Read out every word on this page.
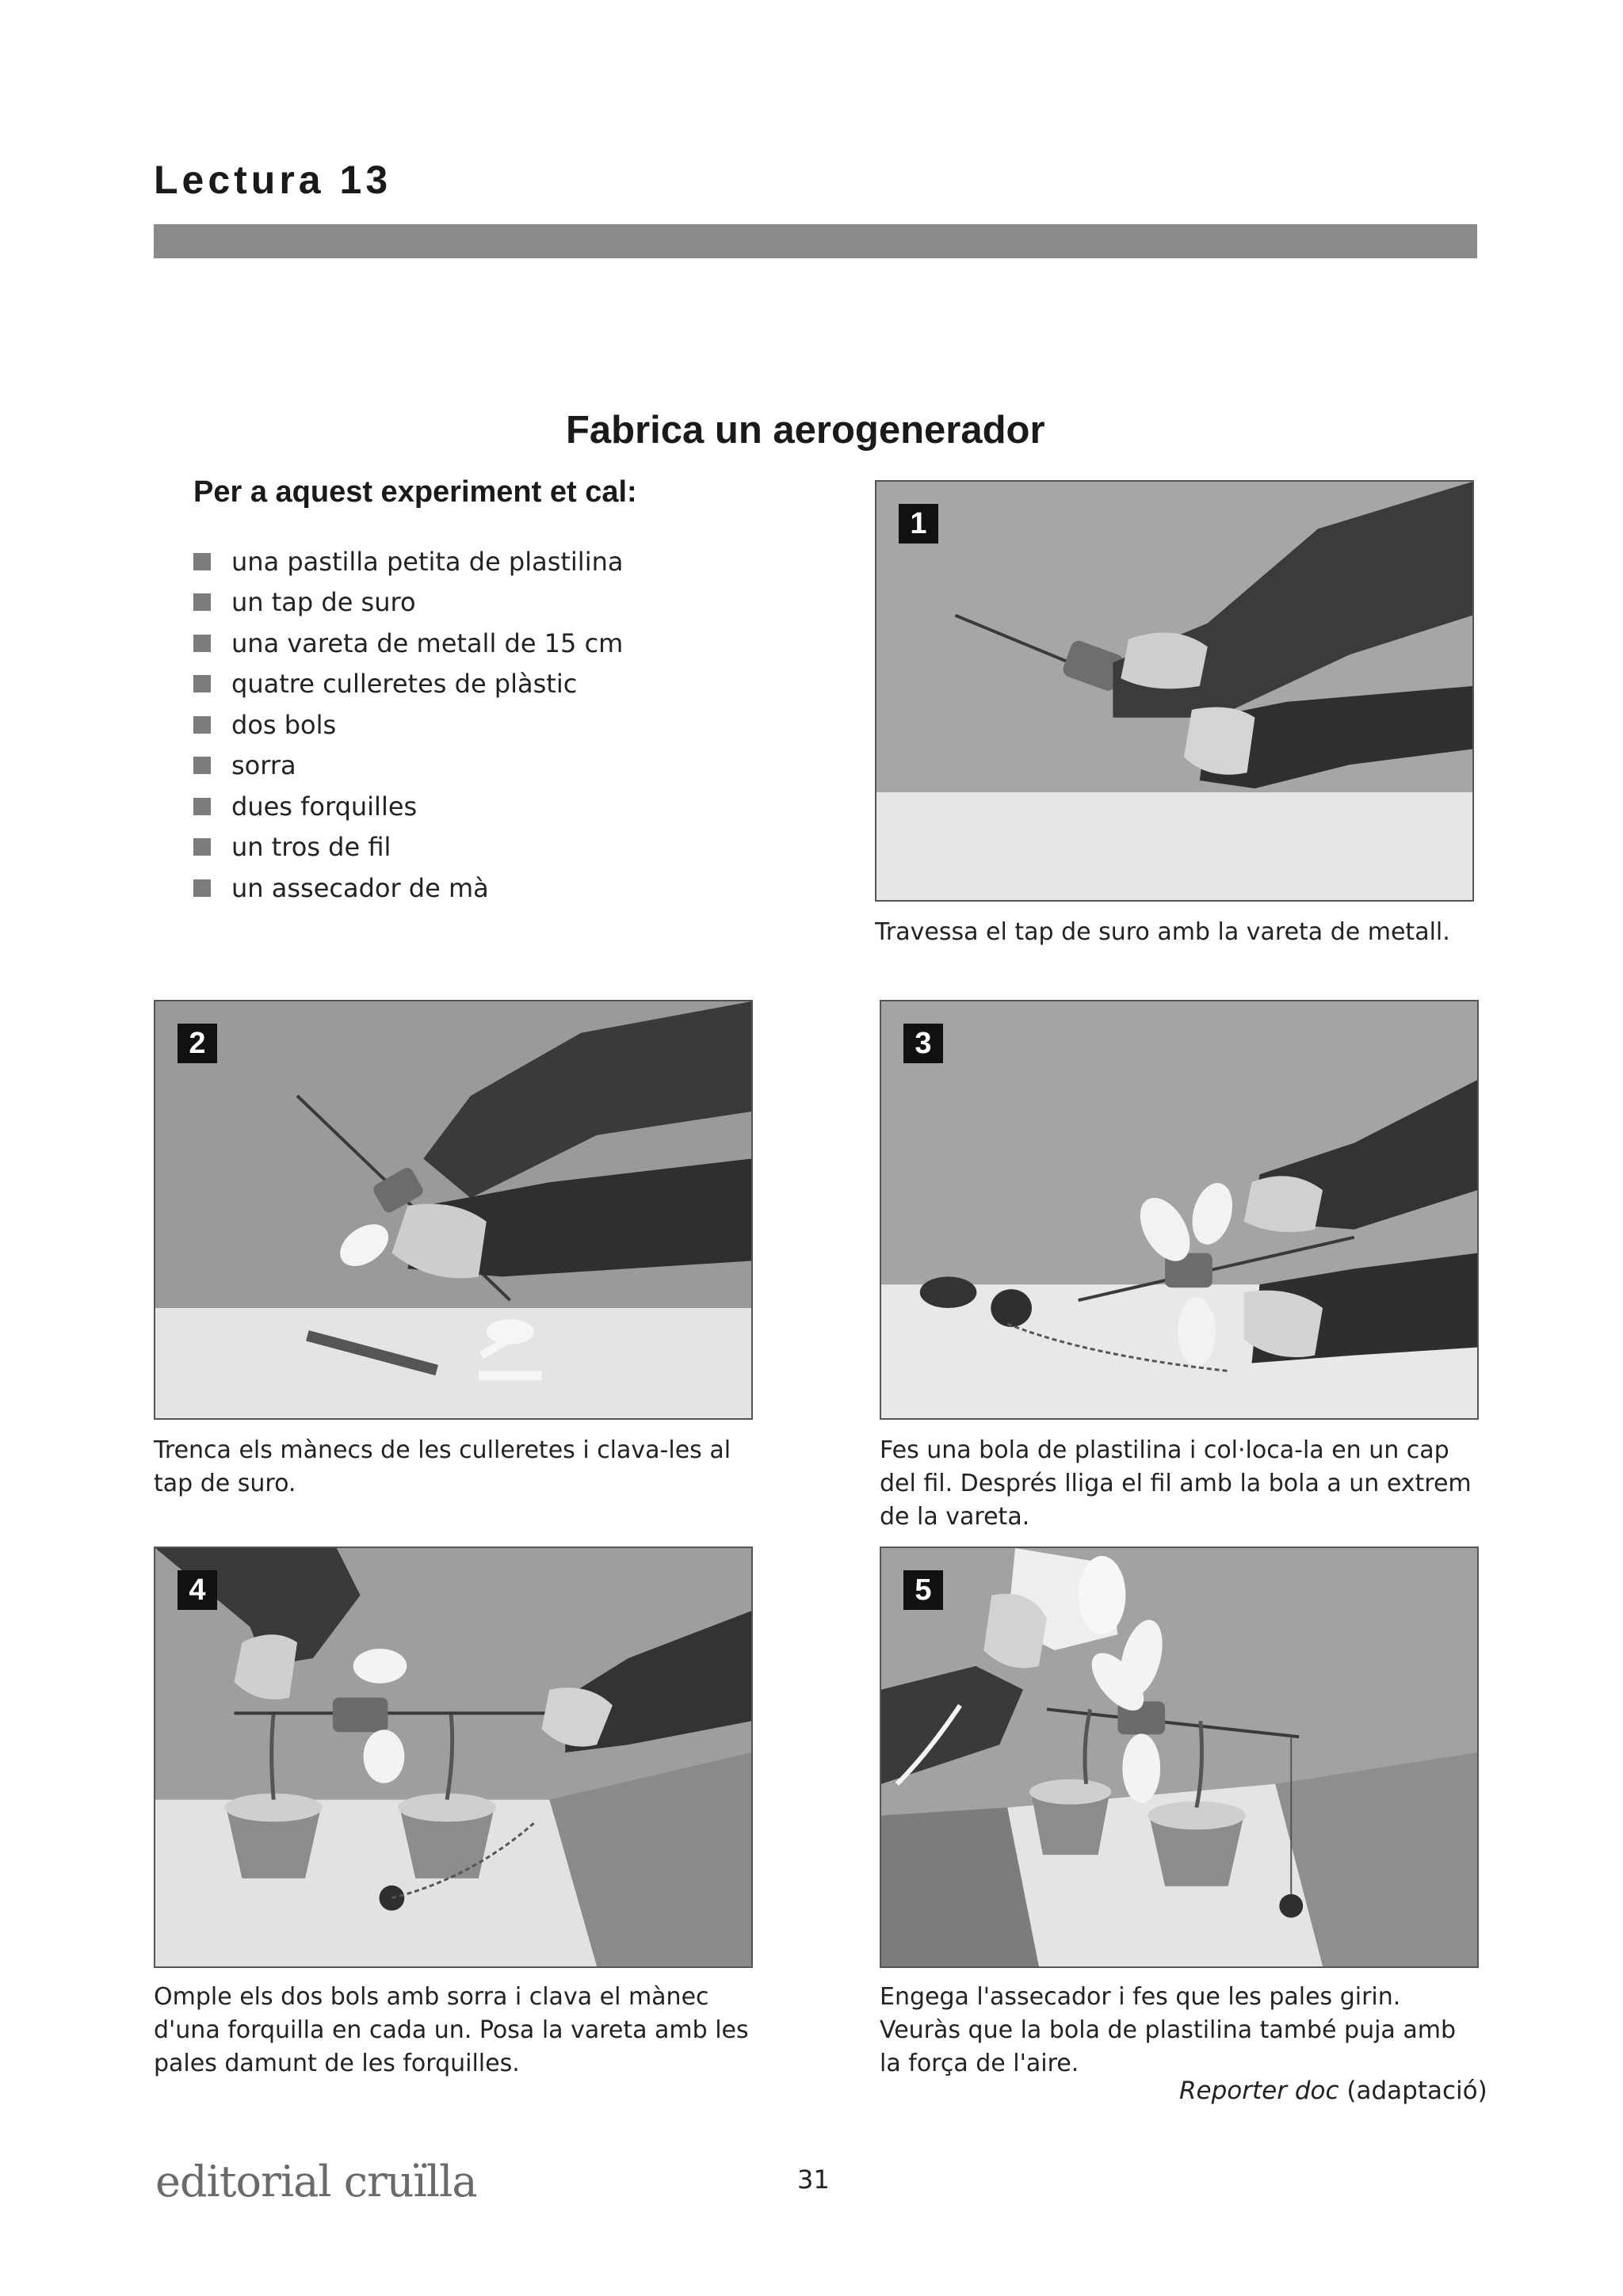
Lectura 13
Fabrica un aerogenerador
Per a aquest experiment et cal:
una pastilla petita de plastilina
un tap de suro
una vareta de metall de 15 cm
quatre culleretes de plàstic
dos bols
sorra
dues forquilles
un tros de fil
un assecador de mà
1
Travessa el tap de suro amb la vareta de metall.
2
Trenca els mànecs de les culleretes i clava-les al tap de suro.
3
Fes una bola de plastilina i col·loca-la en un cap del fil. Després lliga el fil amb la bola a un extrem de la vareta.
4
Omple els dos bols amb sorra i clava el mànec d'una forquilla en cada un. Posa la vareta amb les pales damunt de les forquilles.
5
Engega l'assecador i fes que les pales girin. Veuràs que la bola de plastilina també puja amb la força de l'aire.
Reporter doc (adaptació)
editorial cruïlla	31
